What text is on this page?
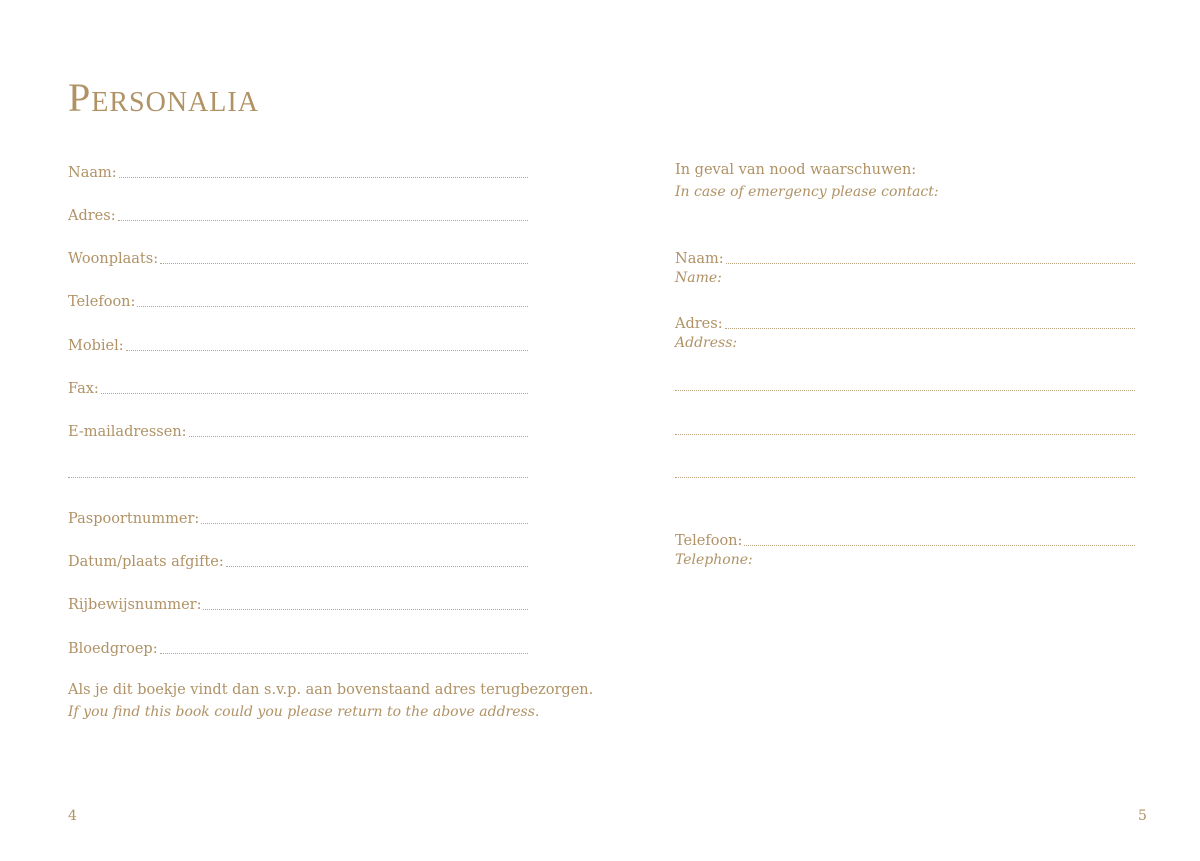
Personalia
Naam:
Adres:
Woonplaats:
Telefoon:
Mobiel:
Fax:
E-mailadressen:
Paspoortnummer:
Datum/plaats afgifte:
Rijbewijsnummer:
Bloedgroep:
Als je dit boekje vindt dan s.v.p. aan bovenstaand adres terugbezorgen.
If you find this book could you please return to the above address.
4
In geval van nood waarschuwen:
In case of emergency please contact:
Naam:
Name:
Adres:
Address:
Telefoon:
Telephone:
5
